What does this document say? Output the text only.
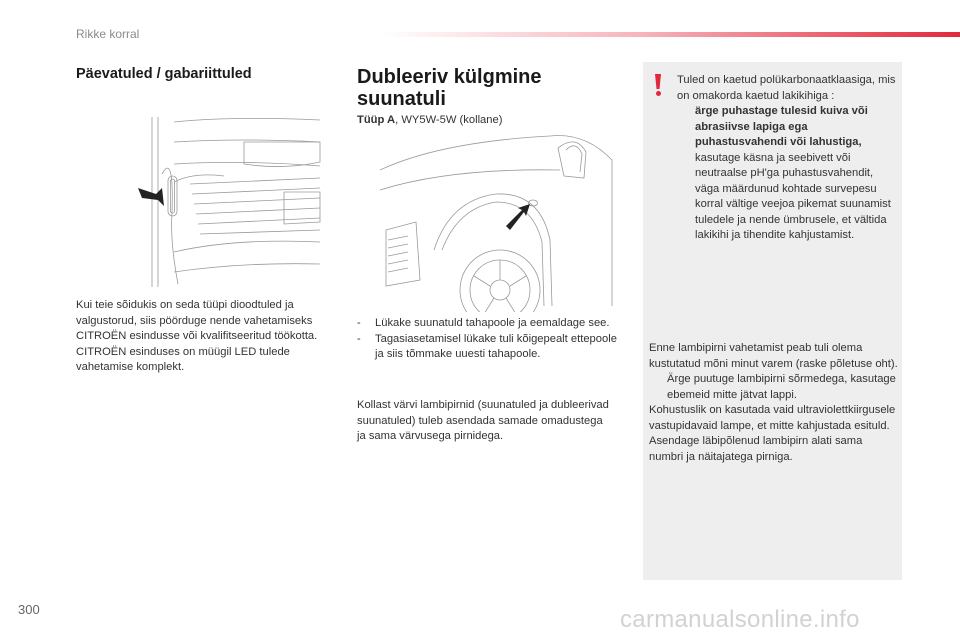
Rikke korral
Päevatuled / gabariittuled

Kui teie sõidukis on seda tüüpi dioodtuled ja valgustorud, siis pöörduge nende vahetamiseks CITROËN esindusse või kvalifitseeritud töökotta.

CITROËN esinduses on müügil LED tulede vahetamise komplekt.

Dubleeriv külgmine suunatuli
Tüüp A, WY5W-5W (kollane)
- Lükake suunatuld tahapoole ja eemaldage see.
- Tagasiasetamisel lükake tuli kõigepealt ettepoole ja siis tõmmake uuesti tahapoole.
Kollast värvi lambipirnid (suunatuled ja dubleerivad suunatuled) tuleb asendada samade omadustega ja sama värvusega pirnidega.

Tuled on kaetud polükarbonaatklaasiga, mis on omakorda kaetud lakikihiga :

ärge puhastage tulesid kuiva või abrasiivse lapiga ega puhastusvahendi või lahustiga,
kasutage käsna ja seebivett või neutraalse pH'ga puhastusvahendit,
väga määrdunud kohtade survepesu korral vältige veejoa pikemat suunamist tuledele ja nende ümbrusele, et vältida lakikihi ja tihendite kahjustamist.

Enne lambipirni vahetamist peab tuli olema kustutatud mõni minut varem (raske põletuse oht).

Ärge puutuge lambipirni sõrmedega, kasutage ebemeid mitte jätvat lappi.

Kohustuslik on kasutada vaid ultraviolettkiirgusele vastupidavaid lampe, et mitte kahjustada esituld.

Asendage läbipõlenud lambipirn alati sama numbri ja näitajatega pirniga.

300	carmanualsonline.info
